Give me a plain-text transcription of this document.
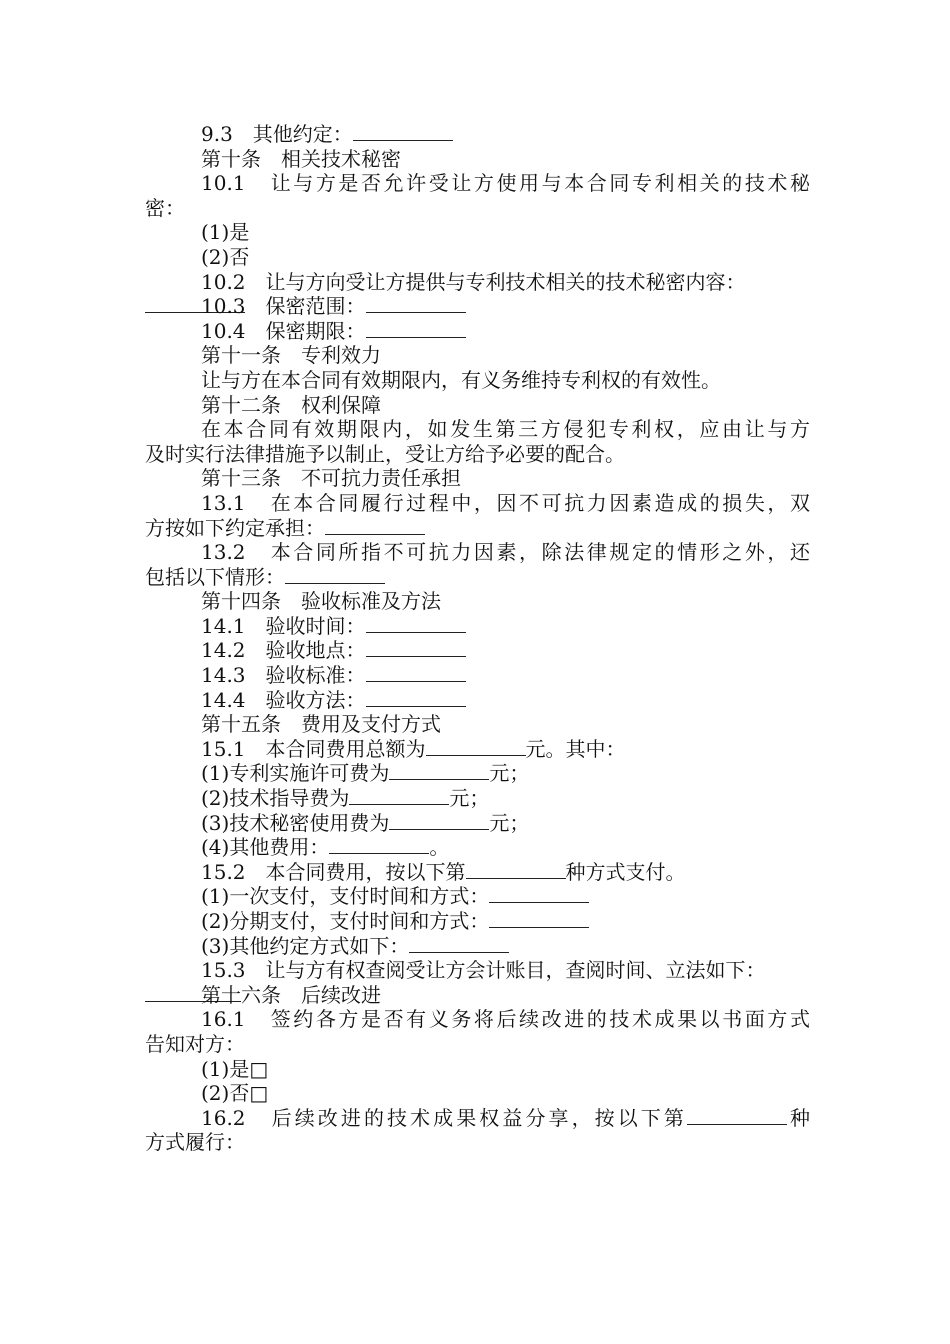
9.3　其他约定：

第十条　相关技术秘密

10.1　让与方是否允许受让方使用与本合同专利相关的技术秘

密：

(1)是

(2)否

10.2　让与方向受让方提供与专利技术相关的技术秘密内容：

10.3　保密范围：

10.4　保密期限：

第十一条　专利效力

让与方在本合同有效期限内，有义务维持专利权的有效性。

第十二条　权利保障

在本合同有效期限内，如发生第三方侵犯专利权，应由让与方

及时实行法律措施予以制止，受让方给予必要的配合。

第十三条　不可抗力责任承担

13.1　在本合同履行过程中，因不可抗力因素造成的损失，双

方按如下约定承担：

13.2　本合同所指不可抗力因素，除法律规定的情形之外，还

包括以下情形：

第十四条　验收标准及方法

14.1　验收时间：

14.2　验收地点：

14.3　验收标准：

14.4　验收方法：

第十五条　费用及支付方式

15.1　本合同费用总额为	元。其中：

(1)专利实施许可费为	元；

(2)技术指导费为	元；

(3)技术秘密使用费为	元；

(4)其他费用：	。

15.2　本合同费用，按以下第	种方式支付。

(1)一次支付，支付时间和方式：

(2)分期支付，支付时间和方式：

(3)其他约定方式如下：

15.3　让与方有权查阅受让方会计账目，查阅时间、立法如下：

第十六条　后续改进

16.1　签约各方是否有义务将后续改进的技术成果以书面方式

告知对方：

(1)是□

(2)否□

16.2　后续改进的技术成果权益分享，按以下第	种

方式履行：
